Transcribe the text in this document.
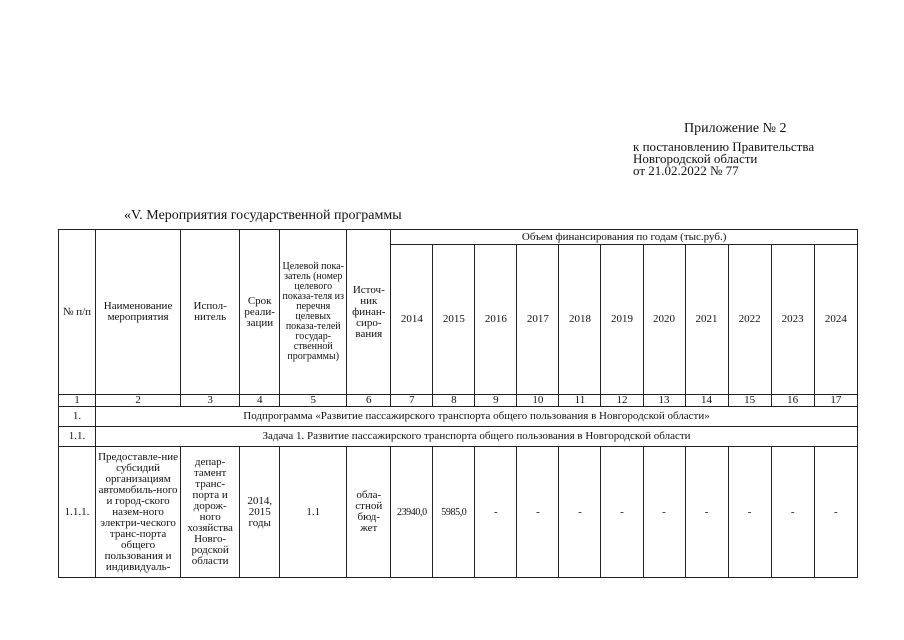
Приложение № 2
к постановлению Правительства
Новгородской области
от 21.02.2022 № 77
«V. Мероприятия государственной программы
№ п/п	Наименование мероприятия	Испол-нитель	Срок реали-зации	Целевой пока-затель (номер целевого показа-теля из перечня целевых показа-телей государ-ственной программы)	Источ-ник финан-сиро-вания	Объем финансирования по годам (тыс.руб.)										
						2014	2015	2016	2017	2018	2019	2020	2021	2022	2023	2024
1	2	3	4	5	6	7	8	9	10	11	12	13	14	15	16	17
1.	Подпрограмма «Развитие пассажирского транспорта общего пользования в Новгородской области»															
1.1.	Задача 1. Развитие пассажирского транспорта общего пользования в Новгородской области															
1.1.1.	Предоставле-ние субсидий организациям автомобиль-ного и город-ского назем-ного электри-ческого транс-порта общего пользования и индивидуаль-	депар-тамент транс-порта и дорож-ного хозяйства Новго-родской области	2014, 2015 годы	1.1	обла-стной бюд-жет	23940,0	5985,0	-	-	-	-	-	-	-	-	-
